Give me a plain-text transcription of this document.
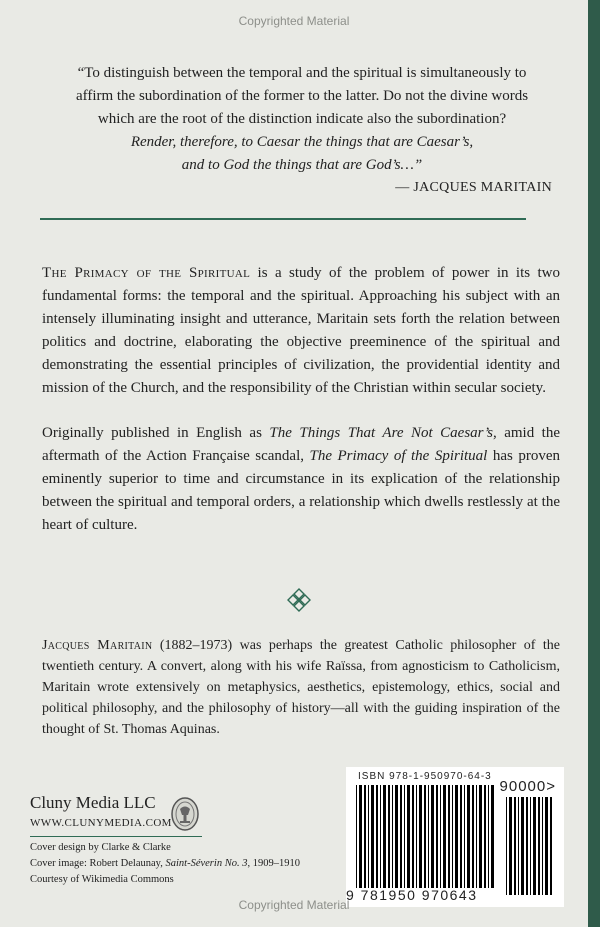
Copyrighted Material
“To distinguish between the temporal and the spiritual is simultaneously to
affirm the subordination of the former to the latter. Do not the divine words
which are the root of the distinction indicate also the subordination?
Render, therefore, to Caesar the things that are Caesar’s,
and to God the things that are God’s…”
— JACQUES MARITAIN

The Primacy of the Spiritual is a study of the problem of power in its two fundamental forms: the temporal and the spiritual. Approaching his subject with an intensely illuminating insight and utterance, Maritain sets forth the relation between politics and doctrine, elaborating the objective preeminence of the spiritual and demonstrating the essential principles of civilization, the providential identity and mission of the Church, and the responsibility of the Christian within secular society.

Originally published in English as The Things That Are Not Caesar’s, amid the aftermath of the Action Française scandal, The Primacy of the Spiritual has proven eminently superior to time and circumstance in its explication of the relationship between the spiritual and temporal orders, a relationship which dwells restlessly at the heart of culture.

Jacques Maritain (1882–1973) was perhaps the greatest Catholic philosopher of the twentieth century. A convert, along with his wife Raïssa, from agnosticism to Catholicism, Maritain wrote extensively on metaphysics, aesthetics, epistemology, ethics, social and political philosophy, and the philosophy of history—all with the guiding inspiration of the thought of St. Thomas Aquinas.

Cluny Media LLC
WWW.CLUNYMEDIA.COM
Cover design by Clarke & Clarke
Cover image: Robert Delaunay, Saint-Séverin No. 3, 1909–1910
Courtesy of Wikimedia Commons
ISBN 978-1-950970-64-3
90000>
9 781950 970643
Copyrighted Material
